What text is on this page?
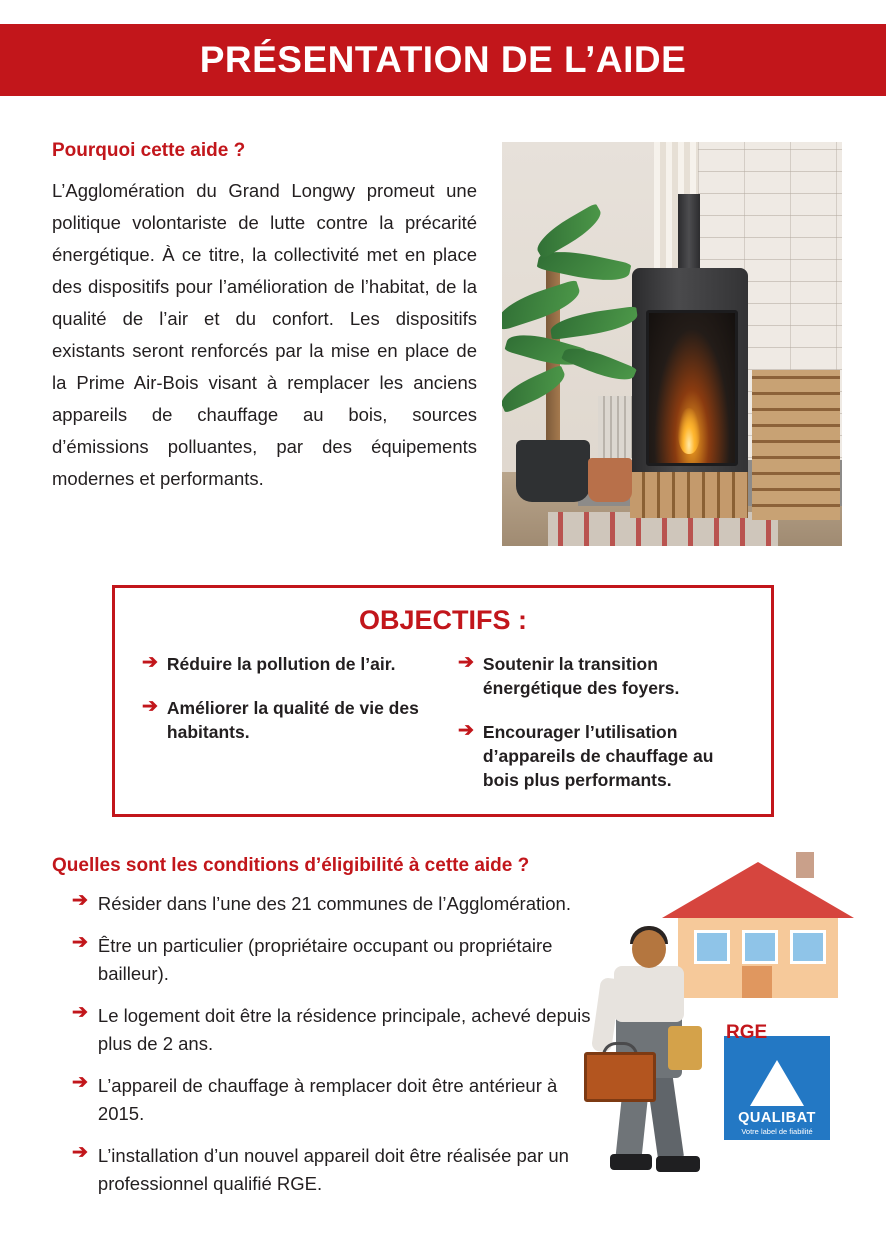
PRÉSENTATION DE L’AIDE
Pourquoi cette aide ?
L’Agglomération du Grand Longwy promeut une politique volontariste de lutte contre la précarité énergétique. À ce titre, la collectivité met en place des dispositifs pour l’amélioration de l’habitat, de la qualité de l’air et du confort. Les dispositifs existants seront renforcés par la mise en place de la Prime Air-Bois visant à remplacer les anciens appareils de chauffage au bois, sources d’émissions polluantes, par des équipements modernes et performants.
OBJECTIFS :
➔ Réduire la pollution de l’air.
➔ Améliorer la qualité de vie des habitants.
➔ Soutenir la transition énergétique des foyers.
➔ Encourager l’utilisation d’appareils de chauffage au bois plus performants.
Quelles sont les conditions d’éligibilité à cette aide ?
➔ Résider dans l’une des 21 communes de l’Agglomération.
➔ Être un particulier (propriétaire occupant ou propriétaire bailleur).
➔ Le logement doit être la résidence principale, achevé depuis plus de 2 ans.
➔ L’appareil de chauffage à remplacer doit être antérieur à 2015.
➔ L’installation d’un nouvel appareil doit être réalisée par un professionnel qualifié RGE.
RGE
QUALIBAT
Votre label de fiabilité
